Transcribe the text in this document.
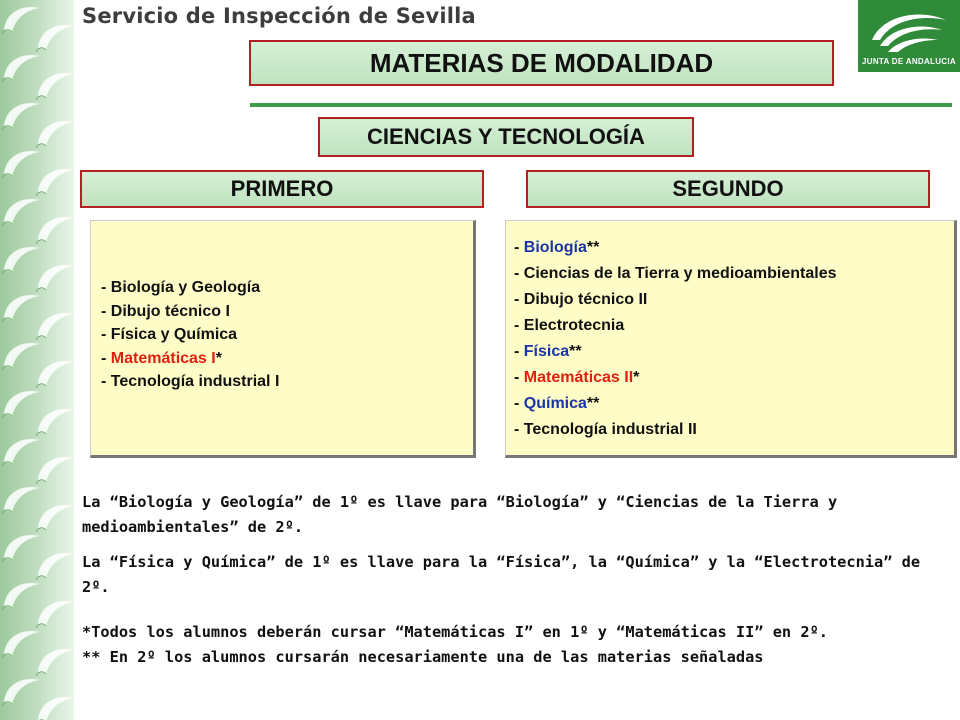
Servicio de Inspección de Sevilla
JUNTA DE ANDALUCIA
MATERIAS DE MODALIDAD
CIENCIAS Y TECNOLOGÍA
PRIMERO	SEGUNDO
- Biología y Geología
- Dibujo técnico I
- Física y Química
- Matemáticas I*
- Tecnología industrial I
- Biología**
- Ciencias de la Tierra y medioambientales
- Dibujo técnico II
- Electrotecnia
- Física**
- Matemáticas II*
- Química**
- Tecnología industrial II
La “Biología y Geología” de 1º es llave para “Biología” y “Ciencias de la Tierra y medioambientales” de 2º.
La “Física y Química” de 1º es llave para la “Física”, la “Química” y la “Electrotecnia” de 2º.
*Todos los alumnos deberán cursar “Matemáticas I” en 1º y “Matemáticas II” en 2º.
** En 2º los alumnos cursarán necesariamente una de las materias señaladas
